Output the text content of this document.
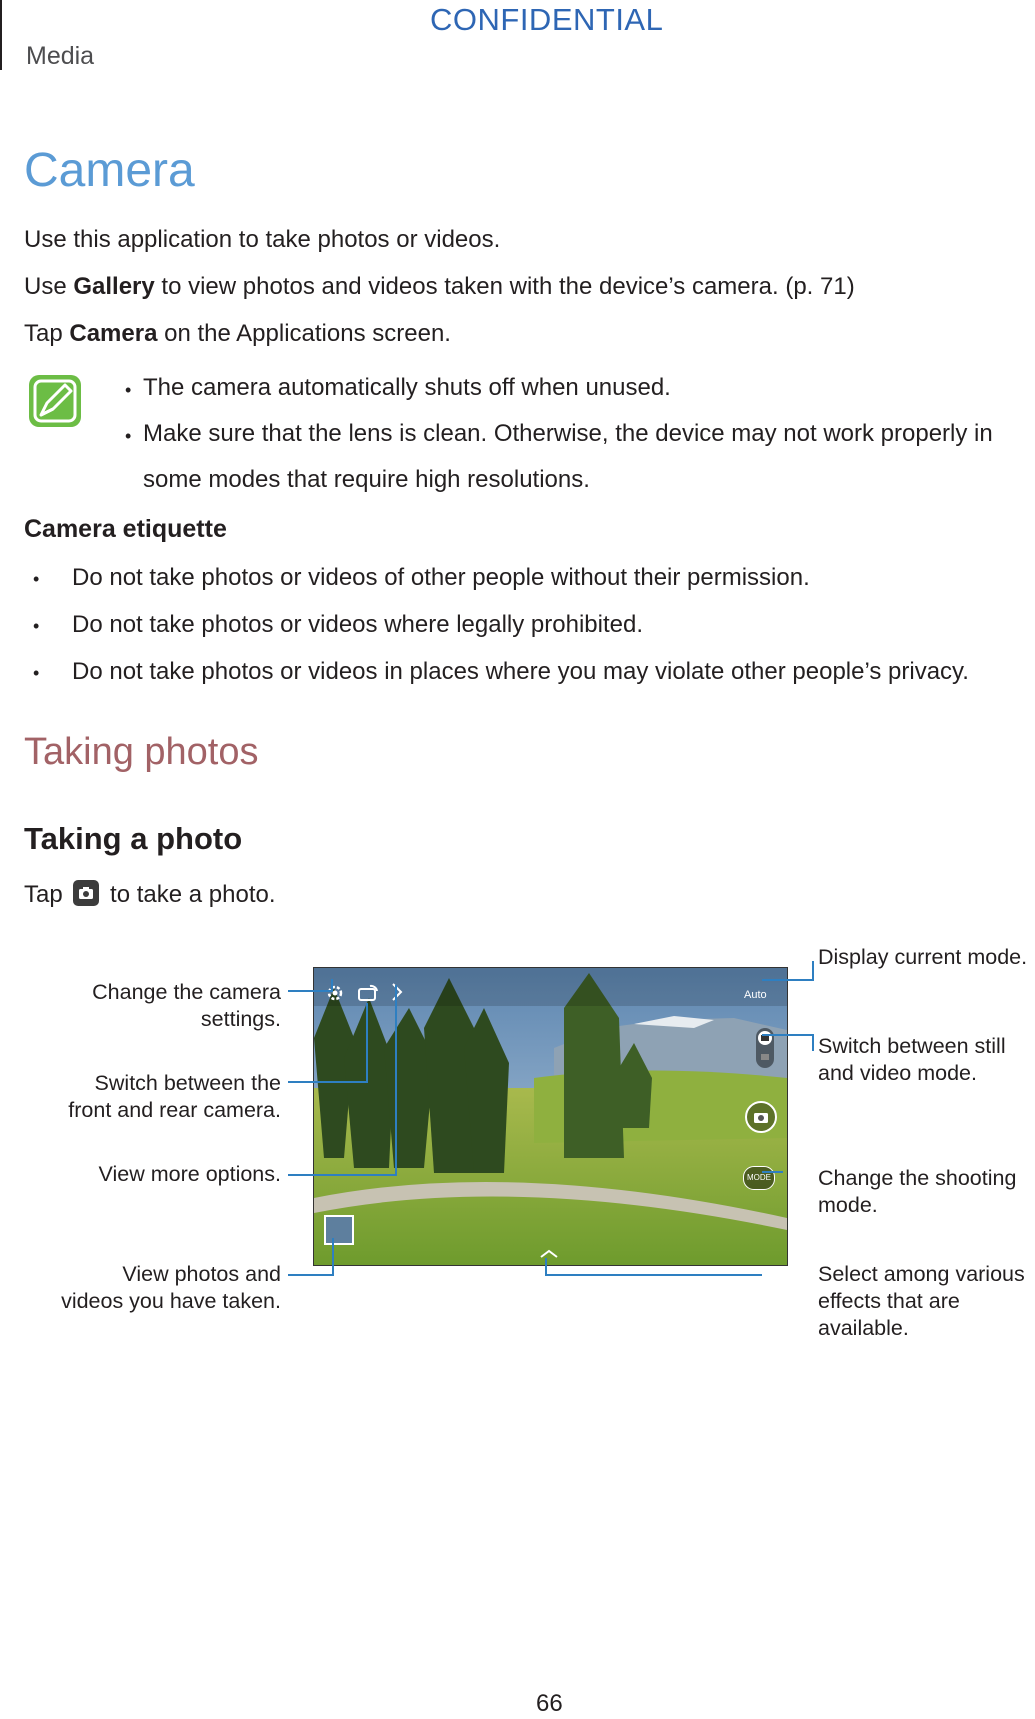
CONFIDENTIAL
Media
Camera
Use this application to take photos or videos.
Use Gallery to view photos and videos taken with the device’s camera. (p. 71)
Tap Camera on the Applications screen.
• The camera automatically shuts off when unused.
• Make sure that the lens is clean. Otherwise, the device may not work properly in
some modes that require high resolutions.
Camera etiquette
• Do not take photos or videos of other people without their permission.
• Do not take photos or videos where legally prohibited.
• Do not take photos or videos in places where you may violate other people’s privacy.
Taking photos
Taking a photo
Tap to take a photo.
Auto
MODE
Change the camera
settings.
Switch between the
front and rear camera.
View more options.
View photos and
videos you have taken.
Display current mode.
Switch between still
and video mode.
Change the shooting
mode.
Select among various
effects that are
available.
66
